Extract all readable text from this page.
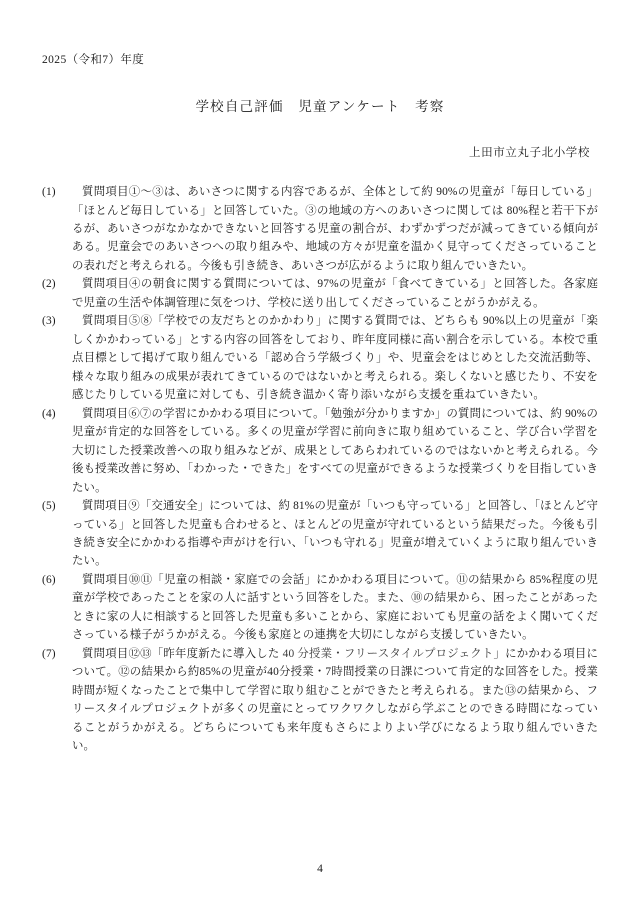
2025（令和7）年度
学校自己評価　児童アンケート　考察
上田市立丸子北小学校
(1)	質問項目①〜③は、あいさつに関する内容であるが、全体として約 90%の児童が「毎日している」「ほとんど毎日している」と回答していた。③の地域の方へのあいさつに関しては 80%程と若干下がるが、あいさつがなかなかできないと回答する児童の割合が、わずかずつだが減ってきている傾向がある。児童会でのあいさつへの取り組みや、地域の方々が児童を温かく見守ってくださっていることの表れだと考えられる。今後も引き続き、あいさつが広がるように取り組んでいきたい。
(2)	質問項目④の朝食に関する質問については、97%の児童が「食べてきている」と回答した。各家庭で児童の生活や体調管理に気をつけ、学校に送り出してくださっていることがうかがえる。
(3)	質問項目⑤⑧「学校での友だちとのかかわり」に関する質問では、どちらも 90%以上の児童が「楽しくかかわっている」とする内容の回答をしており、昨年度同様に高い割合を示している。本校で重点目標として掲げて取り組んでいる「認め合う学級づくり」や、児童会をはじめとした交流活動等、様々な取り組みの成果が表れてきているのではないかと考えられる。楽しくないと感じたり、不安を感じたりしている児童に対しても、引き続き温かく寄り添いながら支援を重ねていきたい。
(4)	質問項目⑥⑦の学習にかかわる項目について。「勉強が分かりますか」の質問については、約 90%の児童が肯定的な回答をしている。多くの児童が学習に前向きに取り組めていること、学び合い学習を大切にした授業改善への取り組みなどが、成果としてあらわれているのではないかと考えられる。今後も授業改善に努め、「わかった・できた」をすべての児童ができるような授業づくりを目指していきたい。
(5)	質問項目⑨「交通安全」については、約 81%の児童が「いつも守っている」と回答し、「ほとんど守っている」と回答した児童も合わせると、ほとんどの児童が守れているという結果だった。今後も引き続き安全にかかわる指導や声がけを行い、「いつも守れる」児童が増えていくように取り組んでいきたい。
(6)	質問項目⑩⑪「児童の相談・家庭での会話」にかかわる項目について。⑪の結果から 85%程度の児童が学校であったことを家の人に話すという回答をした。また、⑩の結果から、困ったことがあったときに家の人に相談すると回答した児童も多いことから、家庭においても児童の話をよく聞いてくださっている様子がうかがえる。今後も家庭との連携を大切にしながら支援していきたい。
(7)	質問項目⑫⑬「昨年度新たに導入した 40 分授業・フリースタイルプロジェクト」にかかわる項目について。⑫の結果から約85%の児童が40分授業・7時間授業の日課について肯定的な回答をした。授業時間が短くなったことで集中して学習に取り組むことができたと考えられる。また⑬の結果から、フリースタイルプロジェクトが多くの児童にとってワクワクしながら学ぶことのできる時間になっていることがうかがえる。どちらについても来年度もさらによりよい学びになるよう取り組んでいきたい。
4
